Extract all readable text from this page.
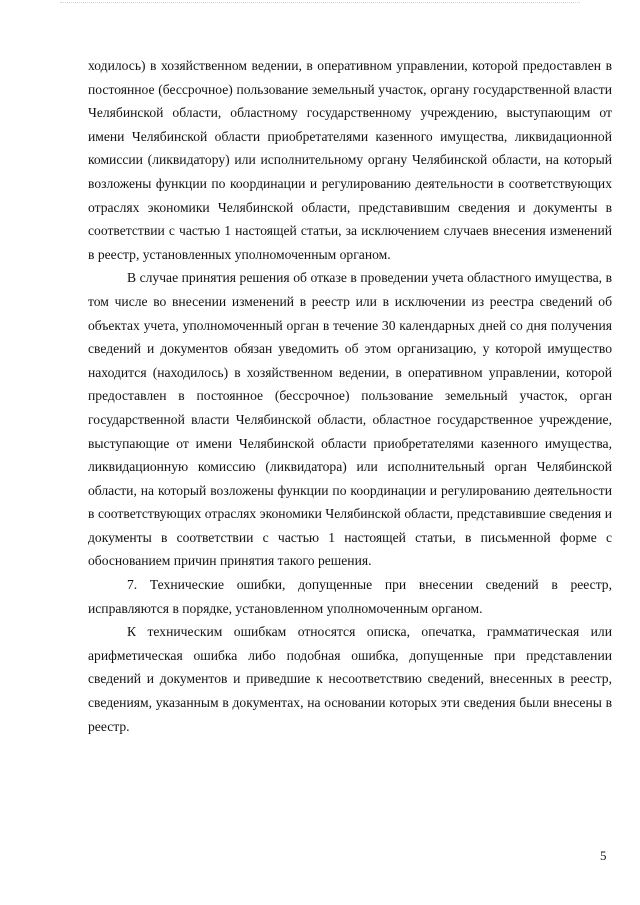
ходилось) в хозяйственном ведении, в оперативном управлении, которой предоставлен в постоянное (бессрочное) пользование земельный участок, органу государственной власти Челябинской области, областному государственному учреждению, выступающим от имени Челябинской области приобретателями казенного имущества, ликвидационной комиссии (ликвидатору) или исполнительному органу Челябинской области, на который возложены функции по координации и регулированию деятельности в соответствующих отраслях экономики Челябинской области, представившим сведения и документы в соответствии с частью 1 настоящей статьи, за исключением случаев внесения изменений в реестр, установленных уполномоченным органом.

В случае принятия решения об отказе в проведении учета областного имущества, в том числе во внесении изменений в реестр или в исключении из реестра сведений об объектах учета, уполномоченный орган в течение 30 календарных дней со дня получения сведений и документов обязан уведомить об этом организацию, у которой имущество находится (находилось) в хозяйственном ведении, в оперативном управлении, которой предоставлен в постоянное (бессрочное) пользование земельный участок, орган государственной власти Челябинской области, областное государственное учреждение, выступающие от имени Челябинской области приобретателями казенного имущества, ликвидационную комиссию (ликвидатора) или исполнительный орган Челябинской области, на который возложены функции по координации и регулированию деятельности в соответствующих отраслях экономики Челябинской области, представившие сведения и документы в соответствии с частью 1 настоящей статьи, в письменной форме с обоснованием причин принятия такого решения.

7. Технические ошибки, допущенные при внесении сведений в реестр, исправляются в порядке, установленном уполномоченным органом.

К техническим ошибкам относятся описка, опечатка, грамматическая или арифметическая ошибка либо подобная ошибка, допущенные при представлении сведений и документов и приведшие к несоответствию сведений, внесенных в реестр, сведениям, указанным в документах, на основании которых эти сведения были внесены в реестр.

5
